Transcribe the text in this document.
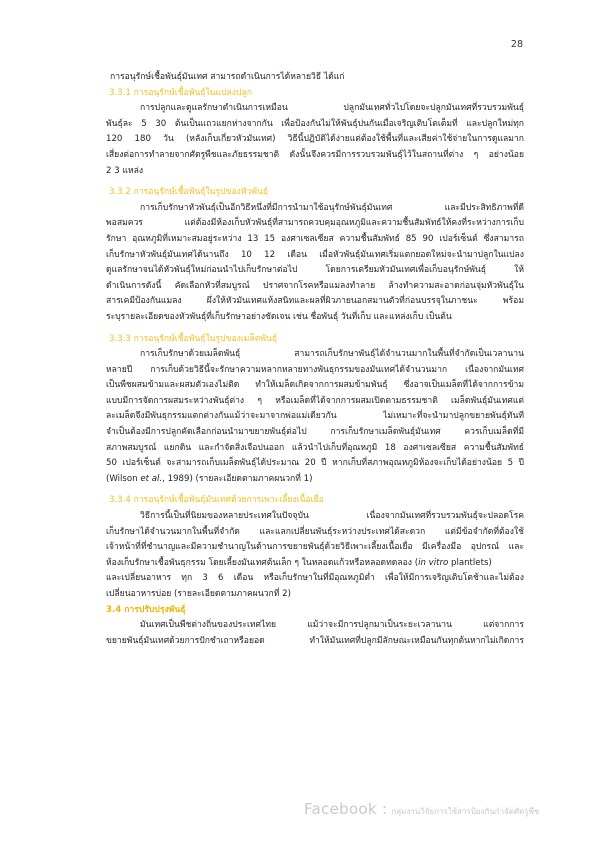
28

การอนุรักษ์เชื้อพันธุ์มันเทศ สามารถดำเนินการได้หลายวิธี ได้แก่

3.3.1 การอนุรักษ์เชื้อพันธุ์ในแปลงปลูก

การปลูกและดูแลรักษาดำเนินการเหมือน ปลูกมันเทศทั่วไปโดยจะปลูกมันเทศที่รวบรวมพันธุ์

พันธุ์ละ 5 30 ต้นเป็นแถวแยกห่างจากกัน เพื่อป้องกันไม่ให้พันธุ์ปนกันเมื่อเจริญเติบโตเต็มที่ และปลูกใหม่ทุก

120 180 วัน (หลังเก็บเกี่ยวหัวมันเทศ) วิธีนี้ปฏิบัติได้ง่ายแต่ต้องใช้พื้นที่และเสียค่าใช้จ่ายในการดูแลมาก

เสี่ยงต่อการทำลายจากศัตรูพืชและภัยธรรมชาติ ดังนั้นจึงควรมีการรวบรวมพันธุ์ไว้ในสถานที่ต่าง ๆ อย่างน้อย

2 3 แหล่ง

3.3.2 การอนุรักษ์เชื้อพันธุ์ในรูปของหัวพันธุ์

การเก็บรักษาหัวพันธุ์เป็นอีกวิธีหนึ่งที่มีการนำมาใช้อนุรักษ์พันธุ์มันเทศ และมีประสิทธิภาพที่ดี

พอสมควร แต่ต้องมีห้องเก็บหัวพันธุ์ที่สามารถควบคุมอุณหภูมิและความชื้นสัมพัทธ์ให้คงที่ระหว่างการเก็บ

รักษา อุณหภูมิที่เหมาะสมอยู่ระหว่าง 13 15 องศาเซลเซียส ความชื้นสัมพัทธ์ 85 90 เปอร์เซ็นต์ ซึ่งสามารถ

เก็บรักษาหัวพันธุ์มันเทศได้นานถึง 10 12 เดือน เมื่อหัวพันธุ์มันเทศเริ่มแตกยอดใหม่จะนำมาปลูกในแปลง

ดูแลรักษาจนได้หัวพันธุ์ใหม่ก่อนนำไปเก็บรักษาต่อไป โดยการเตรียมหัวมันเทศเพื่อเก็บอนุรักษ์พันธุ์ ให้

ดำเนินการดังนี้ คัดเลือกหัวที่สมบูรณ์ ปราศจากโรคหรือแมลงทำลาย ล้างทำความสะอาดก่อนจุ่มหัวพันธุ์ใน

สารเคมีป้องกันแมลง ผึ่งให้หัวมันเทศแห้งสนิทและผลที่ผิวภายนอกสมานตัวที่ก่อนบรรจุในภาชนะ พร้อม

ระบุรายละเอียดของหัวพันธุ์ที่เก็บรักษาอย่างชัดเจน เช่น ชื่อพันธุ์ วันที่เก็บ และแหล่งเก็บ เป็นต้น

3.3.3 การอนุรักษ์เชื้อพันธุ์ในรูปของเมล็ดพันธุ์

การเก็บรักษาด้วยเมล็ดพันธุ์ สามารถเก็บรักษาพันธุ์ได้จำนวนมากในพื้นที่จำกัดเป็นเวลานาน

หลายปี การเก็บด้วยวิธีนี้จะรักษาความหลากหลายทางพันธุกรรมของมันเทศได้จำนวนมาก เนื่องจากมันเทศ

เป็นพืชผสมข้ามและผสมตัวเองไม่ติด ทำให้เมล็ดเกิดจากการผสมข้ามพันธุ์ ซึ่งอาจเป็นเมล็ดที่ได้จากการข้าม

แบบมีการจัดการผสมระหว่างพันธุ์ต่าง ๆ หรือเมล็ดที่ได้จากการผสมเปิดตามธรรมชาติ เมล็ดพันธุ์มันเทศแต่

ละเมล็ดจึงมีพันธุกรรมแตกต่างกันแม้ว่าจะมาจากพ่อแม่เดียวกัน ไม่เหมาะที่จะนำมาปลูกขยายพันธุ์ทันที

จำเป็นต้องมีการปลูกคัดเลือกก่อนนำมาขยายพันธุ์ต่อไป การเก็บรักษาเมล็ดพันธุ์มันเทศ ควรเก็บเมล็ดที่มี

สภาพสมบูรณ์ แยกดิน และกำจัดสิ่งเจือปนออก แล้วนำไปเก็บที่อุณหภูมิ 18 องศาเซลเซียส ความชื้นสัมพัทธ์

50 เปอร์เซ็นต์ จะสามารถเก็บเมล็ดพันธุ์ได้ประมาณ 20 ปี หากเก็บที่สภาพอุณหภูมิห้องจะเก็บได้อย่างน้อย 5 ปี

(Wilson et al., 1989) (รายละเอียดตามภาคผนวกที่ 1)

3.3.4 การอนุรักษ์เชื้อพันธุ์มันเทศด้วยการเพาะเลี้ยงเนื้อเยื่อ

วิธีการนี้เป็นที่นิยมของหลายประเทศในปัจจุบัน เนื่องจากมันเทศที่รวบรวมพันธุ์จะปลอดโรค

เก็บรักษาได้จำนวนมากในพื้นที่จำกัด และแลกเปลี่ยนพันธุ์ระหว่างประเทศได้สะดวก แต่มีข้อจำกัดที่ต้องใช้

เจ้าหน้าที่ที่ชำนาญและมีความชำนาญในด้านการขยายพันธุ์ด้วยวิธีเพาะเลี้ยงเนื้อเยื่อ มีเครื่องมือ อุปกรณ์ และ

ห้องเก็บรักษาเชื้อพันธุกรรม โดยเลี้ยงมันเทศต้นเล็ก ๆ ในหลอดแก้วหรือหลอดทดลอง (in vitro plantlets)

และเปลี่ยนอาหาร ทุก 3 6 เดือน หรือเก็บรักษาในที่มีอุณหภูมิต่ำ เพื่อให้มีการเจริญเติบโตช้าและไม่ต้อง

เปลี่ยนอาหารบ่อย (รายละเอียดตามภาคผนวกที่ 2)

3.4 การปรับปรุงพันธุ์

มันเทศเป็นพืชต่างถิ่นของประเทศไทย แม้ว่าจะมีการปลูกมาเป็นระยะเวลานาน แต่จากการ

ขยายพันธุ์มันเทศด้วยการปักชำเถาหรือยอด ทำให้มันเทศที่ปลูกมีลักษณะเหมือนกันทุกต้นหากไม่เกิดการ

Facebook : กลุ่มงานวิจัยการใช้สารป้องกันกำจัดศัตรูพืช
